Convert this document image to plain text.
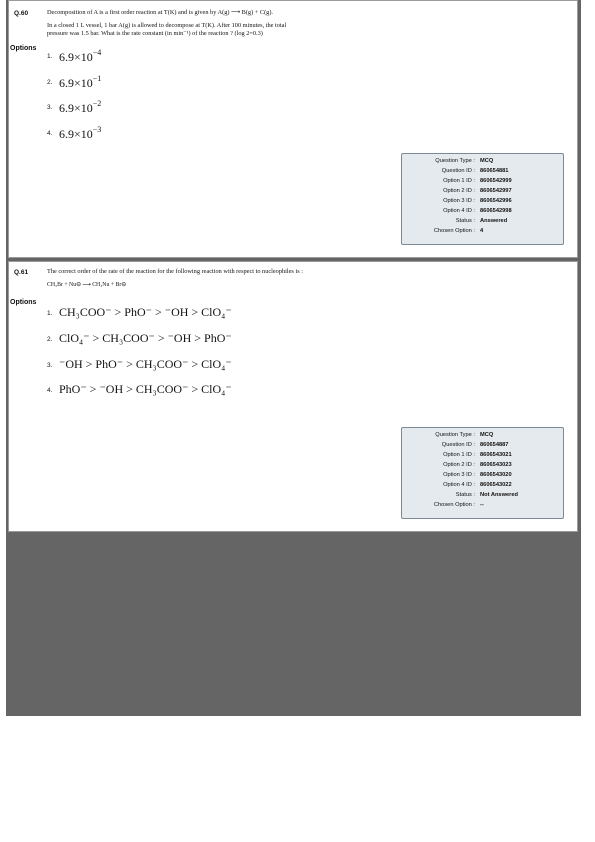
Q.60	Decomposition of A is a first order reaction at T(K) and is given by A(g) ⟶ B(g) + C(g).
In a closed 1 L vessel, 1 bar A(g) is allowed to decompose at T(K). After 100 minutes, the total
pressure was 1.5 bar. What is the rate constant (in min⁻¹) of the reaction ? (log 2=0.3)
Options
1. $6.9\times 10^{-4}$
2. $6.9\times 10^{-1}$
3. $6.9\times 10^{-2}$
4. $6.9\times 10^{-3}$
Question Type : MCQ
Question ID : 860654881
Option 1 ID : 8606542999
Option 2 ID : 8606542997
Option 3 ID : 8606542996
Option 4 ID : 8606542998
Status : Answered
Chosen Option : 4
Q.61	The correct order of the rate of the reaction for the following reaction with respect to nucleophiles is :
CH₃Br + Nu⊖ ⟶ CH₃Nu + Br⊖
Options
1. CH₃COO⁻ > PhO⁻ > ⁻OH > ClO₄⁻
2. ClO₄⁻ > CH₃COO⁻ > ⁻OH > PhO⁻
3. ⁻OH > PhO⁻ > CH₃COO⁻ > ClO₄⁻
4. PhO⁻ > ⁻OH > CH₃COO⁻ > ClO₄⁻
Question Type : MCQ
Question ID : 860654887
Option 1 ID : 8606543021
Option 2 ID : 8606543023
Option 3 ID : 8606543020
Option 4 ID : 8606543022
Status : Not Answered
Chosen Option : --
